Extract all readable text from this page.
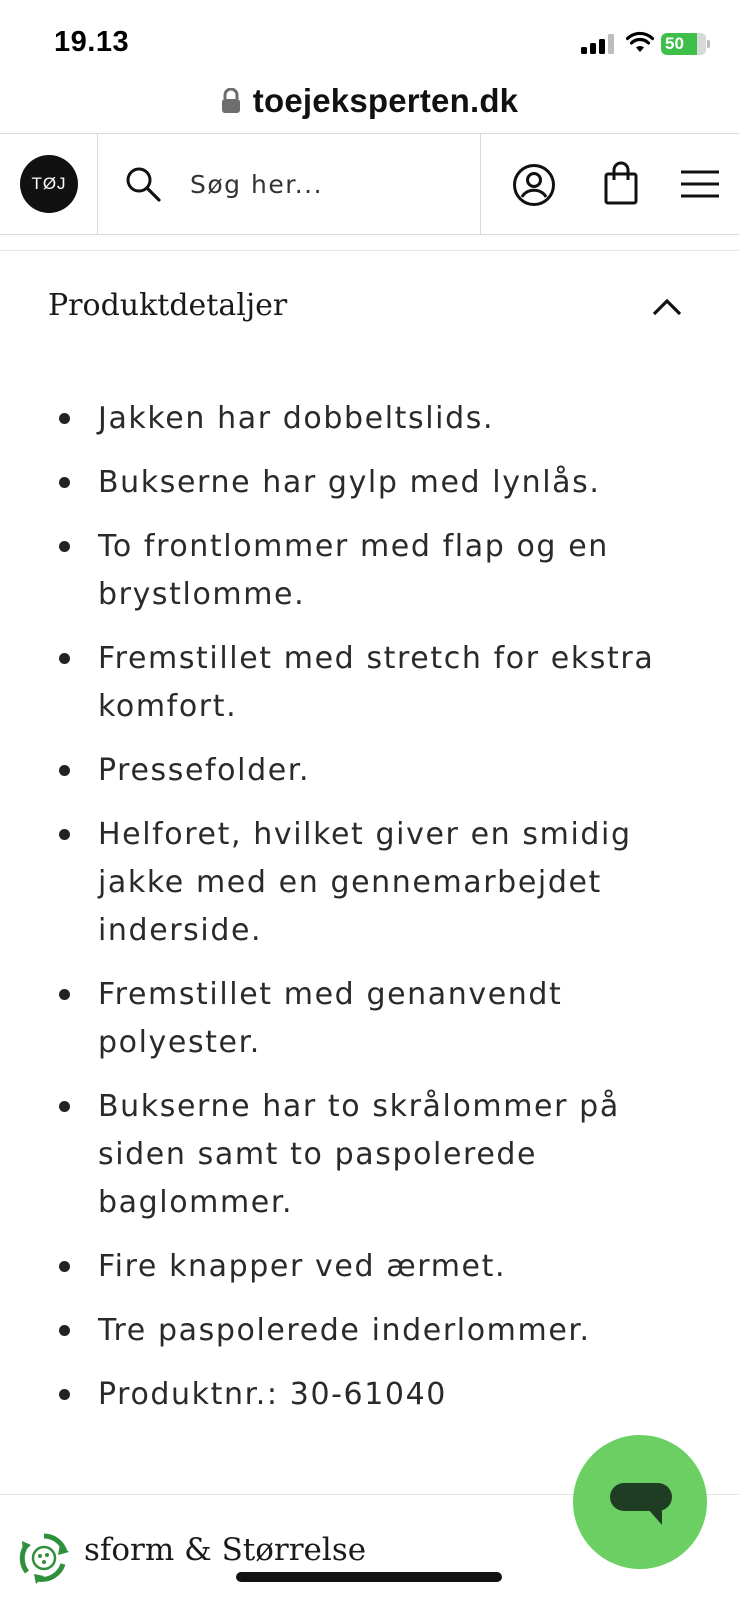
19.13	50
toejeksperten.dk
TØJ
Søg her...
Produktdetaljer
Jakken har dobbeltslids.
Bukserne har gylp med lynlås.
To frontlommer med flap og en brystlomme.
Fremstillet med stretch for ekstra komfort.
Pressefolder.
Helforet, hvilket giver en smidig jakke med en gennemarbejdet inderside.
Fremstillet med genanvendt polyester.
Bukserne har to skrålommer på siden samt to paspolerede baglommer.
Fire knapper ved ærmet.
Tre paspolerede inderlommer.
Produktnr.: 30-61040
sform & Størrelse
